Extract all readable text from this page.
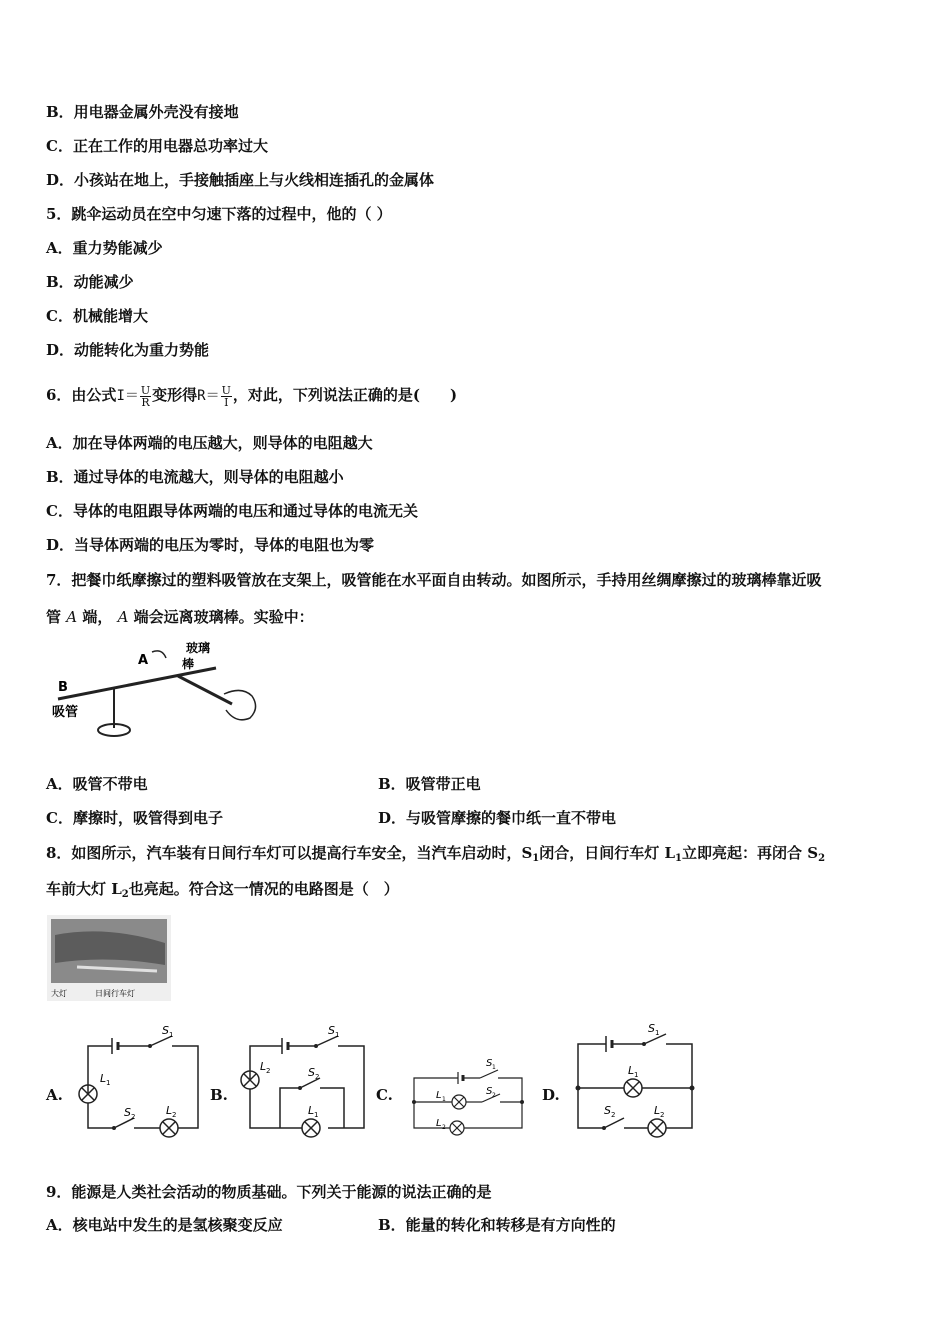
B．用电器金属外壳没有接地
C．正在工作的用电器总功率过大
D．小孩站在地上，手接触插座上与火线相连插孔的金属体
5．跳伞运动员在空中匀速下落的过程中，他的（ ）
A．重力势能减少
B．动能减少
C．机械能增大
D．动能转化为重力势能
6．由公式$I= \frac{U}{R}$ 变形得$R= \frac{U}{I}$ ，对此，下列说法正确的是(　　)
A．加在导体两端的电压越大，则导体的电阻越大
B．通过导体的电流越大，则导体的电阻越小
C．导体的电阻跟导体两端的电压和通过导体的电流无关
D．当导体两端的电压为零时，导体的电阻也为零
7．把餐巾纸摩擦过的塑料吸管放在支架上，吸管能在水平面自由转动。如图所示，手持用丝绸摩擦过的玻璃棒靠近吸
管 A 端， A 端会远离玻璃棒。实验中：
B
A
吸管
玻璃
棒
A．吸管不带电	B．吸管带正电
C．摩擦时，吸管得到电子	D．与吸管摩擦的餐巾纸一直不带电
8．如图所示，汽车装有日间行车灯可以提高行车安全，当汽车启动时，$S_1$闭合，日间行车灯 $L_1$立即亮起：再闭合 $S_2$
车前大灯 $L_2$也亮起。符合这一情况的电路图是（　）
大灯	日间行车灯
A.	B.	C.	D.
S 1
L 1
S 2	L 2
S 1
L 2	S 2
L 1
S 1
S 2
L 1
L 2
S 1
L 1
S 2	L 2
9．能源是人类社会活动的物质基础。下列关于能源的说法正确的是
A．核电站中发生的是氢核聚变反应	B．能量的转化和转移是有方向性的
